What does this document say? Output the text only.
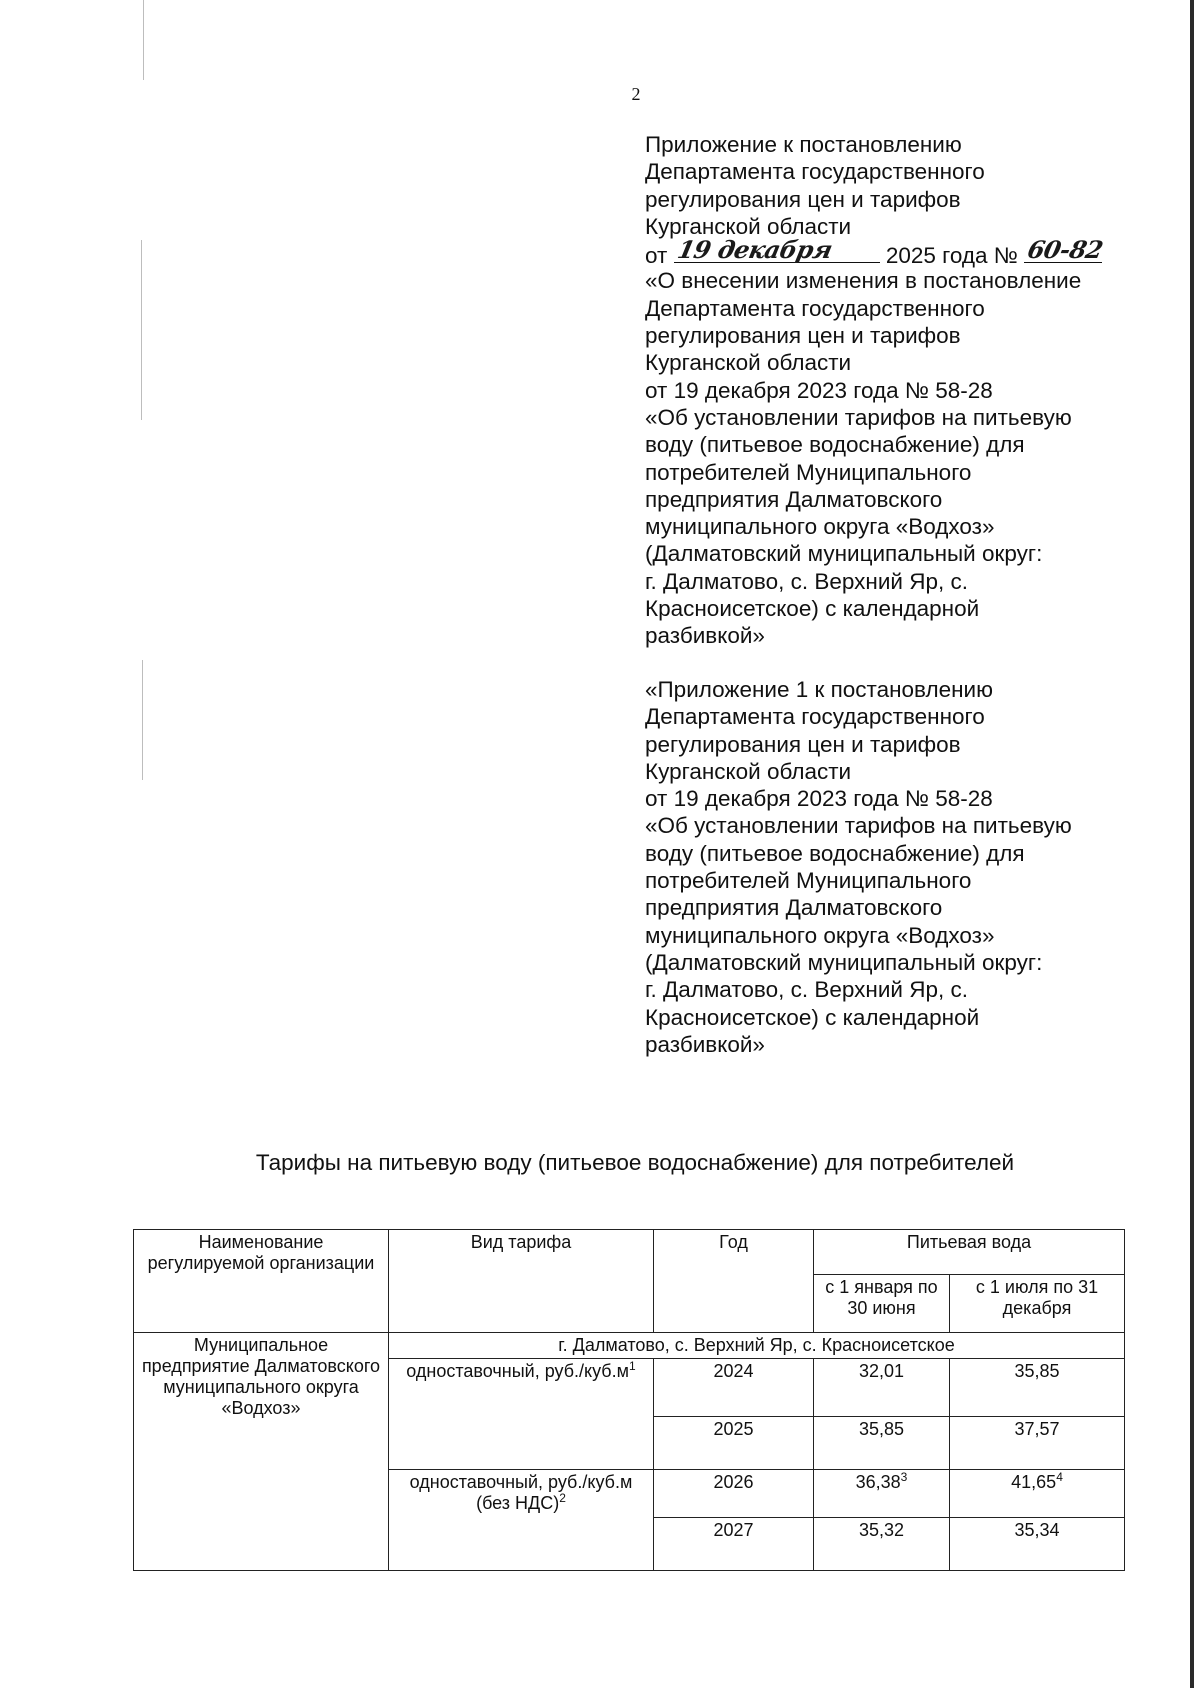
2
Приложение к постановлению
Департамента государственного
регулирования цен и тарифов
Курганской области
от 19 декабря 2025 года № 60-82
«О внесении изменения в постановление
Департамента государственного
регулирования цен и тарифов
Курганской области
от 19 декабря 2023 года № 58-28
«Об установлении тарифов на питьевую
воду (питьевое водоснабжение) для
потребителей Муниципального
предприятия Далматовского
муниципального округа «Водхоз»
(Далматовский муниципальный округ:
г. Далматово, с. Верхний Яр, с.
Красноисетское) с календарной
разбивкой»
«Приложение 1 к постановлению
Департамента государственного
регулирования цен и тарифов
Курганской области
от 19 декабря 2023 года № 58-28
«Об установлении тарифов на питьевую
воду (питьевое водоснабжение) для
потребителей Муниципального
предприятия Далматовского
муниципального округа «Водхоз»
(Далматовский муниципальный округ:
г. Далматово, с. Верхний Яр, с.
Красноисетское) с календарной
разбивкой»
Тарифы на питьевую воду (питьевое водоснабжение) для потребителей
Наименование регулируемой организации	Вид тарифа	Год	Питьевая вода	
			с 1 января по 30 июня	с 1 июля по 31 декабря
Муниципальное предприятие Далматовского муниципального округа «Водхоз»	г. Далматово, с. Верхний Яр, с. Красноисетское			
	одноставочный, $руб./куб.м^1$	2024	32,01	35,85
		2025	35,85	37,57
	одноставочный, руб./куб.м (без НДС)$^2$	2026	36,38$^3$	41,65$^4$
		2027	35,32	35,34
